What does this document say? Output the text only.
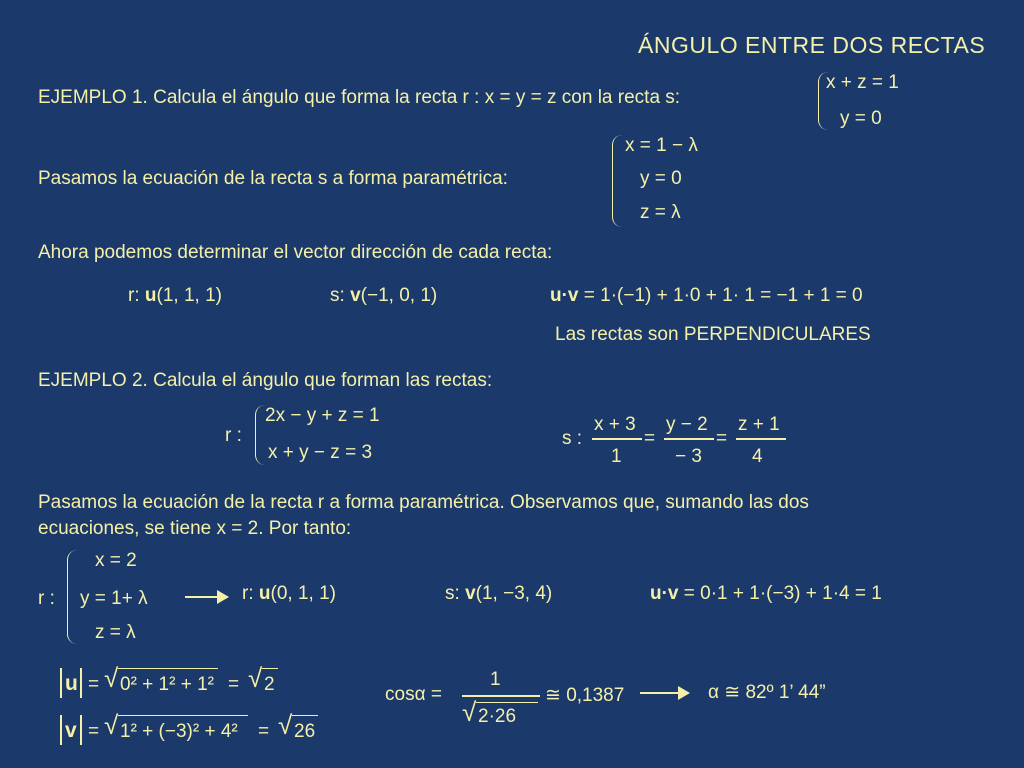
ÁNGULO ENTRE DOS RECTAS
EJEMPLO 1. Calcula el ángulo que forma la recta r : x = y = z con la recta s:
x + z = 1
y = 0
Pasamos la ecuación de la recta s a forma paramétrica:
x = 1 − λ
y = 0
z = λ
Ahora podemos determinar el vector dirección de cada recta:
r: u(1, 1, 1)	s: v(−1, 0, 1)	u·v = 1·(−1) + 1·0 + 1· 1 = −1 + 1 = 0
Las rectas son PERPENDICULARES
EJEMPLO 2. Calcula el ángulo que forman las rectas:
r :
2x − y + z = 1
x + y − z = 3
s :
x + 3
1
=
y − 2
− 3
=
z + 1
4
Pasamos la ecuación de la recta r a forma paramétrica. Observamos que, sumando las dos
ecuaciones, se tiene x = 2. Por tanto:
r :
x = 2
y = 1+ λ
z = λ
r: u(0, 1, 1)	s: v(1, −3, 4)	u·v = 0·1 + 1·(−3) + 1·4 = 1
u = √ 0² + 1² + 1² = √ 2
v = √ 1² + (−3)² + 4² = √ 26
cosα =
1
√ 2·26
≅ 0,1387	α ≅ 82º 1’ 44”
